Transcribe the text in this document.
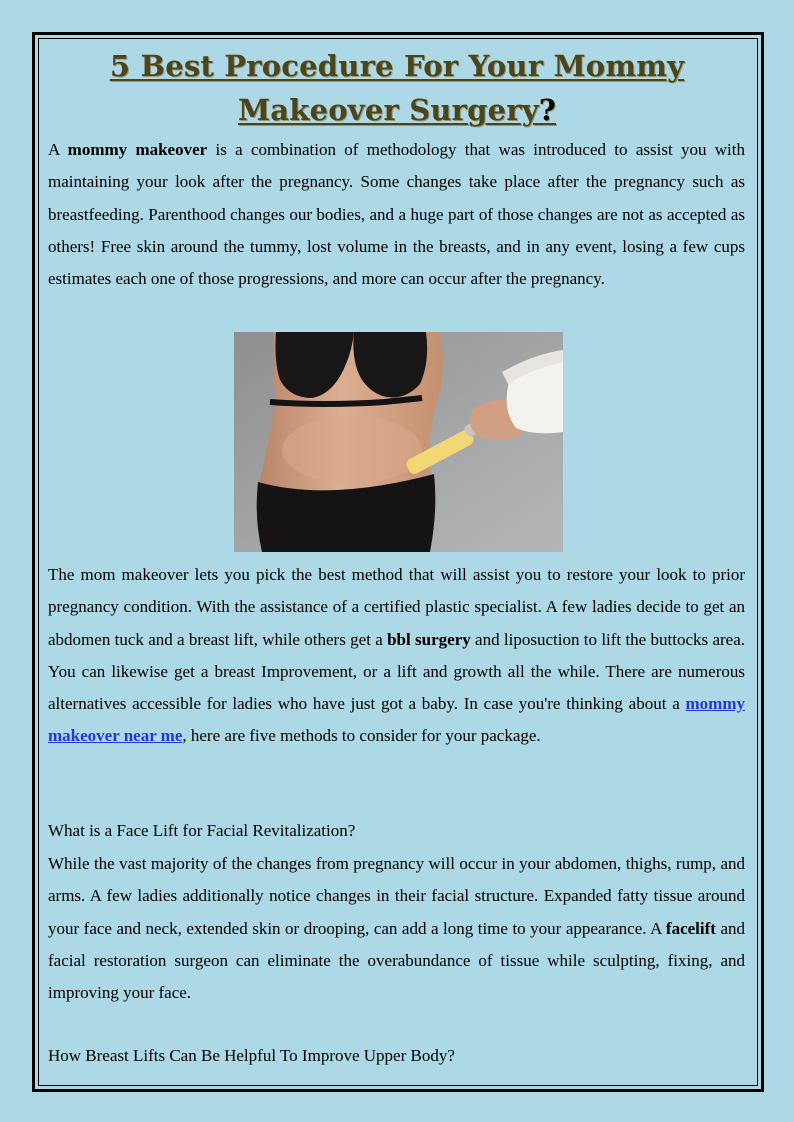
5 Best Procedure For Your Mommy Makeover Surgery?

A mommy makeover is a combination of methodology that was introduced to assist you with maintaining your look after the pregnancy. Some changes take place after the pregnancy such as breastfeeding. Parenthood changes our bodies, and a huge part of those changes are not as accepted as others! Free skin around the tummy, lost volume in the breasts, and in any event, losing a few cups estimates each one of those progressions, and more can occur after the pregnancy.

The mom makeover lets you pick the best method that will assist you to restore your look to prior pregnancy condition. With the assistance of a certified plastic specialist. A few ladies decide to get an abdomen tuck and a breast lift, while others get a bbl surgery and liposuction to lift the buttocks area. You can likewise get a breast Improvement, or a lift and growth all the while. There are numerous alternatives accessible for ladies who have just got a baby. In case you're thinking about a mommy makeover near me, here are five methods to consider for your package.

What is a Face Lift for Facial Revitalization?

While the vast majority of the changes from pregnancy will occur in your abdomen, thighs, rump, and arms. A few ladies additionally notice changes in their facial structure. Expanded fatty tissue around your face and neck, extended skin or drooping, can add a long time to your appearance. A facelift and facial restoration surgeon can eliminate the overabundance of tissue while sculpting, fixing, and improving your face.

How Breast Lifts Can Be Helpful To Improve Upper Body?
